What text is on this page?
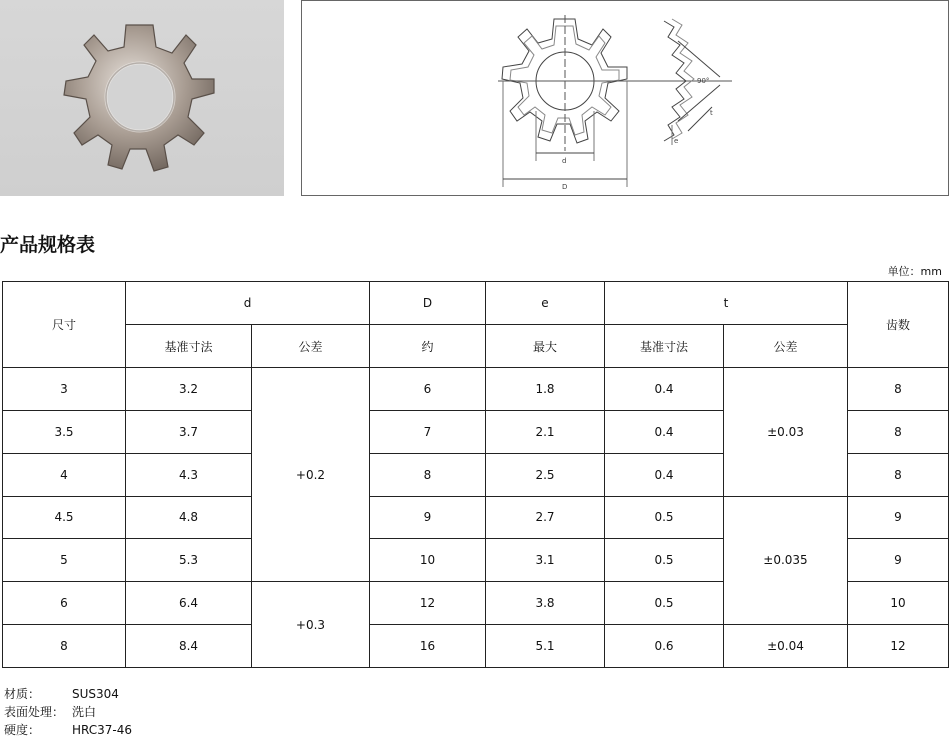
d
D
e
t
90°
产品规格表
单位：mm
尺寸	d		D	e	t		齿数
	基准寸法	公差	约	最大	基准寸法	公差	
3	3.2	+0.2	6	1.8	0.4	±0.03	8
3.5	3.7		7	2.1	0.4		8
4	4.3		8	2.5	0.4		8
4.5	4.8		9	2.7	0.5	±0.035	9
5	5.3		10	3.1	0.5		9
6	6.4	+0.3	12	3.8	0.5		10
8	8.4		16	5.1	0.6	±0.04	12
材质：	SUS304
表面处理： 洗白
硬度：	HRC37-46
